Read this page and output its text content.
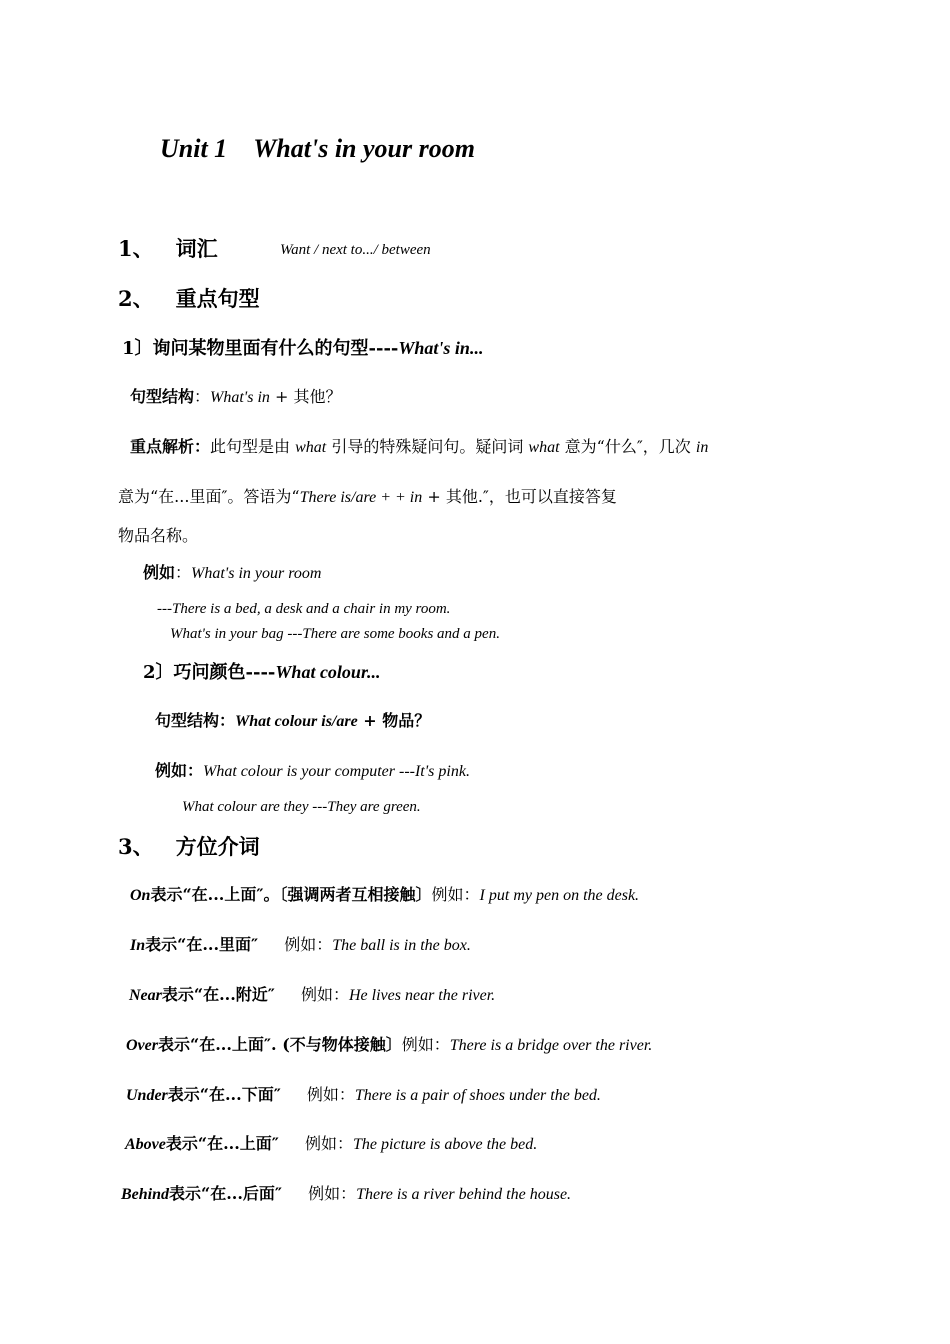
Unit 1 What's in your room
1、 词汇	Want / next to.../ between
2、 重点句型
1〕询问某物里面有什么的句型----What's in...
句型结构：What's in + 其他？
重点解析：此句型是由 what 引导的特殊疑问句。疑问词 what 意为“什么″，几次 in
意为“在...里面″。答语为“There is/are + + in + 其他.″，也可以直接答复
物品名称。
例如：What's in your room
---There is a bed, a desk and a chair in my room.
What's in your bag ---There are some books and a pen.
2〕巧问颜色----What colour...
句型结构：What colour is/are + 物品？
例如：What colour is your computer ---It's pink.
What colour are they ---They are green.
3、 方位介词
On表示“在...上面″。〔强调两者互相接触〕例如：I put my pen on the desk.
In表示“在...里面″ 例如：The ball is in the box.
Near表示“在...附近″ 例如：He lives near the river.
Over表示“在...上面″. (不与物体接触〕例如：There is a bridge over the river.
Under表示“在...下面″ 例如：There is a pair of shoes under the bed.
Above表示“在...上面″ 例如：The picture is above the bed.
Behind表示“在...后面″ 例如：There is a river behind the house.
